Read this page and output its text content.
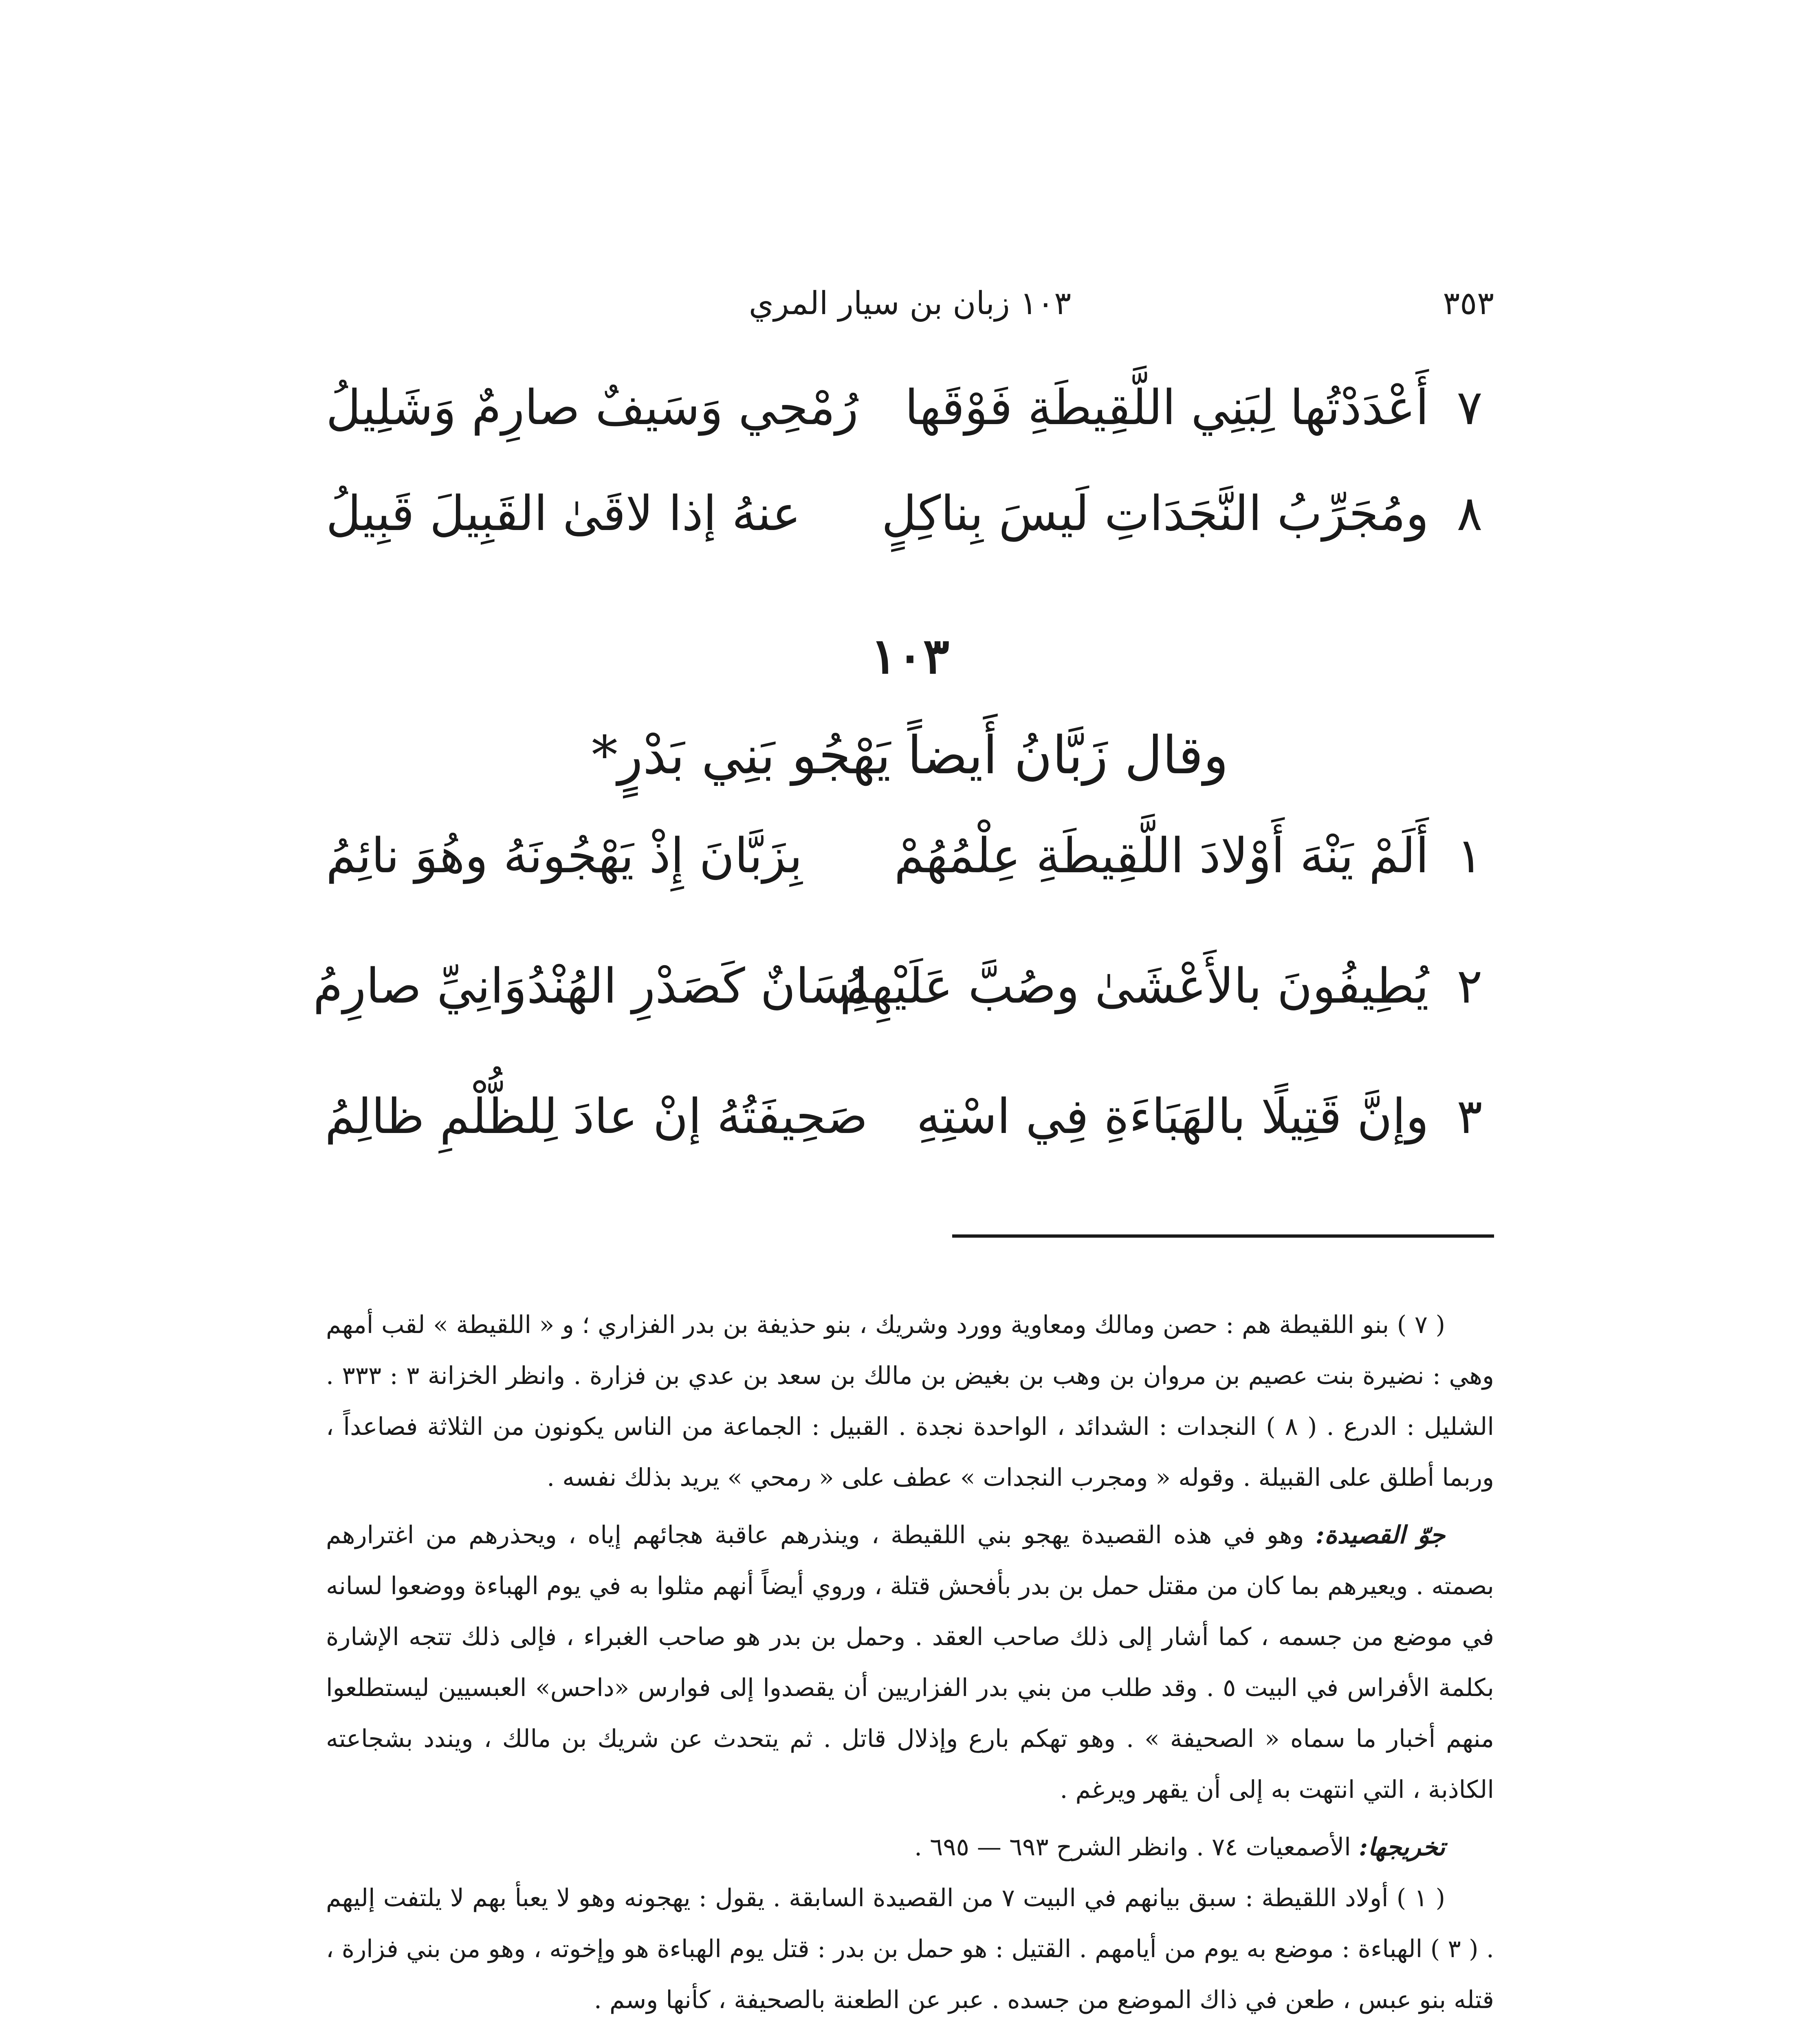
٣٥٣
١٠٣ زبان بن سيار المري
٧
أَعْدَدْتُها لِبَنِي اللَّقِيطَةِ فَوْقَها
رُمْحِي وَسَيفٌ صارِمٌ وَشَلِيلُ
٨
ومُجَرِّبُ النَّجَدَاتِ لَيسَ بِناكِلٍ
عنهُ إذا لاقَىٰ القَبِيلَ قَبِيلُ
١٠٣
وقال زَبَّانُ أَيضاً يَهْجُو بَنِي بَدْرٍ*
١
أَلَمْ يَنْهَ أَوْلادَ اللَّقِيطَةِ عِلْمُهُمْ
بِزَبَّانَ إِذْ يَهْجُونَهُ وهُوَ نائِمُ
٢
يُطِيفُونَ بالأَعْشَىٰ وصُبَّ عَلَيْهِمُ
لِسَانٌ كَصَدْرِ الهُنْدُوَانِيِّ صارِمُ
٣
وإنَّ قَتِيلًا بالهَبَاءَةِ فِي اسْتِهِ
صَحِيفَتُهُ إنْ عادَ لِلظُّلْمِ ظالِمُ

( ٧ ) بنو اللقيطة هم : حصن ومالك ومعاوية وورد وشريك ، بنو حذيفة بن بدر الفزاري ؛ و « اللقيطة » لقب أمهم وهي : نضيرة بنت عصيم بن مروان بن وهب بن بغيض بن مالك بن سعد بن عدي بن فزارة . وانظر الخزانة ٣ : ٣٣٣ . الشليل : الدرع . ( ٨ ) النجدات : الشدائد ، الواحدة نجدة . القبيل : الجماعة من الناس يكونون من الثلاثة فصاعداً ، وربما أطلق على القبيلة . وقوله « ومجرب النجدات » عطف على « رمحي » يريد بذلك نفسه .

جوّ القصيدة: وهو في هذه القصيدة يهجو بني اللقيطة ، وينذرهم عاقبة هجائهم إياه ، ويحذرهم من اغترارهم بصمته . ويعيرهم بما كان من مقتل حمل بن بدر بأفحش قتلة ، وروي أيضاً أنهم مثلوا به في يوم الهباءة ووضعوا لسانه في موضع من جسمه ، كما أشار إلى ذلك صاحب العقد . وحمل بن بدر هو صاحب الغبراء ، فإلى ذلك تتجه الإشارة بكلمة الأفراس في البيت ٥ . وقد طلب من بني بدر الفزاريين أن يقصدوا إلى فوارس «داحس» العبسيين ليستطلعوا منهم أخبار ما سماه « الصحيفة » . وهو تهكم بارع وإذلال قاتل . ثم يتحدث عن شريك بن مالك ، ويندد بشجاعته الكاذبة ، التي انتهت به إلى أن يقهر ويرغم .

تخريجها: الأصمعيات ٧٤ . وانظر الشرح ٦٩٣ — ٦٩٥ .

( ١ ) أولاد اللقيطة : سبق بيانهم في البيت ٧ من القصيدة السابقة . يقول : يهجونه وهو لا يعبأ بهم لا يلتفت إليهم . ( ٣ ) الهباءة : موضع به يوم من أيامهم . القتيل : هو حمل بن بدر : قتل يوم الهباءة هو وإخوته ، وهو من بني فزارة ، قتله بنو عبس ، طعن في ذاك الموضع من جسده . عبر عن الطعنة بالصحيفة ، كأنها وسم .
